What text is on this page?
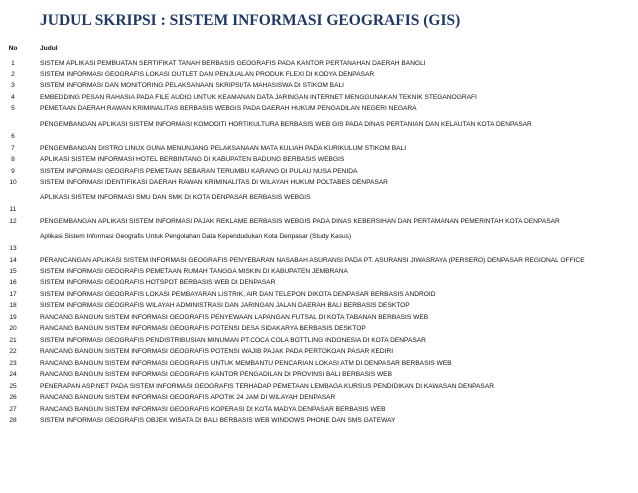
JUDUL SKRIPSI : SISTEM INFORMASI GEOGRAFIS (GIS)
No	Judul
1	SISTEM APLIKASI PEMBUATAN SERTIFIKAT TANAH BERBASIS GEOGRAFIS PADA KANTOR PERTANAHAN DAERAH BANGLI
2	SISTEM INFORMASI GEOGRAFIS LOKASI OUTLET DAN PENJUALAN PRODUK FLEXI DI KODYA DENPASAR
3	SISTEM INFORMASI DAN MONITORING PELAKSANAAN SKRIPSI/TA MAHASISWA DI STIKOM BALI
4	EMBEDDING PESAN RAHASIA PADA FILE AUDIO UNTUK KEAMANAN DATA JARINGAN INTERNET MENGGUNAKAN TEKNIK STEGANOGRAFI
5	PEMETAAN DAERAH RAWAN KRIMINALITAS BERBASIS WEBGIS PADA DAERAH HUKUM PENGADILAN NEGERI NEGARA
6
PENGEMBANGAN APLIKASI SISTEM INFORMASI KOMODITI HORTIKULTURA BERBASIS WEB GIS PADA DINAS PERTANIAN DAN KELAUTAN KOTA DENPASAR
7	PENGEMBANGAN DISTRO LINUX GUNA MENUNJANG PELAKSANAAN MATA KULIAH PADA KURIKULUM STIKOM BALI
8	APLIKASI SISTEM INFORMASI HOTEL BERBINTANG DI KABUPATEN BADUNG BERBASIS WEBGIS
9	SISTEM INFORMASI GEOGRAFIS PEMETAAN SEBARAN TERUMBU KARANG DI PULAU NUSA PENIDA
10	SISTEM INFORMASI IDENTIFIKASI DAERAH RAWAN KRIMINALITAS DI WILAYAH HUKUM POLTABES DENPASAR
11
APLIKASI SISTEM INFORMASI SMU DAN SMK DI KOTA DENPASAR BERBASIS WEBGIS
12	PENGEMBANGAN APLIKASI SISTEM INFORMASI PAJAK REKLAME BERBASIS WEBGIS PADA DINAS KEBERSIHAN DAN PERTAMANAN PEMERINTAH KOTA DENPASAR
13
Aplikasi Sistem Informasi Geografis Untuk Pengolahan Data Kependudukan Kota Denpasar (Study Kasus)
14	PERANCANGAN APLIKASI SISTEM INFORMASI GEOGRAFIS PENYEBARAN NASABAH ASURANSI PADA PT. ASURANSI JIWASRAYA (PERSERO) DENPASAR REGIONAL OFFICE
15	SISTEM INFORMASI GEOGRAFIS PEMETAAN RUMAH TANGGA MISKIN DI KABUPATEN JEMBRANA
16	SISTEM INFORMASI GEOGRAFIS HOTSPOT BERBASIS WEB DI DENPASAR
17	SISTEM INFORMASI GEOGRAFIS LOKASI PEMBAYARAN LISTRIK, AIR DAN TELEPON DIKOTA DENPASAR BERBASIS ANDROID
18	SISTEM INFORMASI GEOGRAFIS WILAYAH ADMINISTRASI DAN JARINGAN JALAN DAERAH BALI BERBASIS DESKTOP
19	RANCANG BANGUN SISTEM INFORMASI GEOGRAFIS PENYEWAAN LAPANGAN FUTSAL DI KOTA TABANAN BERBASIS WEB
20	RANCANG BANGUN SISTEM INFORMASI GEOGRAFIS POTENSI DESA SIDAKARYA BERBASIS DESKTOP
21	SISTEM INFORMASI GEOGRAFIS PENDISTRIBUSIAN MINUMAN PT.COCA COLA BOTTLING INDONESIA DI KOTA DENPASAR
22	RANCANG BANGUN SISTEM INFORMASI GEOGRAFIS POTENSI WAJIB PAJAK PADA PERTOKOAN PASAR KEDIRI
23	RANCANG BANGUN SISTEM INFORMASI GEOGRAFIS UNTUK MEMBANTU PENCARIAN LOKASI ATM DI DENPASAR BERBASIS WEB
24	RANCANG BANGUN SISTEM INFORMASI GEOGRAFIS KANTOR PENGADILAN DI PROVINSI BALI BERBASIS WEB
25	PENERAPAN ASP.NET PADA SISTEM INFORMASI GEOGRAFIS TERHADAP PEMETAAN LEMBAGA KURSUS PENDIDIKAN DI KAWASAN DENPASAR
26	RANCANG BANGUN SISTEM INFORMASI GEOGRAFIS APOTIK 24 JAM DI WILAYAH DENPASAR
27	RANCANG BANGUN SISTEM INFORMASI GEOGRAFIS KOPERASI DI KOTA MADYA DENPASAR BERBASIS WEB
28	SISTEM INFORMASI GEOGRAFIS OBJEK WISATA DI BALI BERBASIS WEB WINDOWS PHONE DAN SMS GATEWAY
